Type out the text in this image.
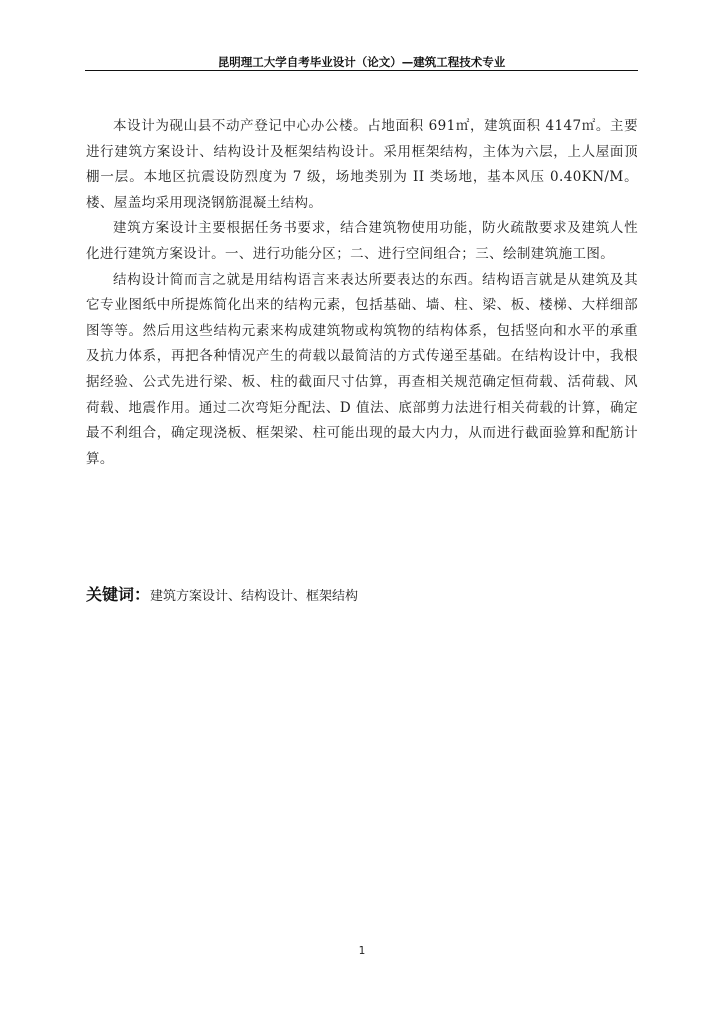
昆明理工大学自考毕业设计（论文）—建筑工程技术专业

本设计为砚山县不动产登记中心办公楼。占地面积 691㎡，建筑面积 4147㎡。主要进行建筑方案设计、结构设计及框架结构设计。采用框架结构，主体为六层，上人屋面顶棚一层。本地区抗震设防烈度为 7 级，场地类别为 II 类场地，基本风压 0.40KN/M。楼、屋盖均采用现浇钢筋混凝土结构。

建筑方案设计主要根据任务书要求，结合建筑物使用功能，防火疏散要求及建筑人性化进行建筑方案设计。一、进行功能分区；二、进行空间组合；三、绘制建筑施工图。

结构设计简而言之就是用结构语言来表达所要表达的东西。结构语言就是从建筑及其它专业图纸中所提炼简化出来的结构元素，包括基础、墙、柱、梁、板、楼梯、大样细部图等等。然后用这些结构元素来构成建筑物或构筑物的结构体系，包括竖向和水平的承重及抗力体系，再把各种情况产生的荷载以最简洁的方式传递至基础。在结构设计中，我根据经验、公式先进行梁、板、柱的截面尺寸估算，再查相关规范确定恒荷载、活荷载、风荷载、地震作用。通过二次弯矩分配法、D 值法、底部剪力法进行相关荷载的计算，确定最不利组合，确定现浇板、框架梁、柱可能出现的最大内力，从而进行截面验算和配筋计算。

关键词：建筑方案设计、结构设计、框架结构
1
